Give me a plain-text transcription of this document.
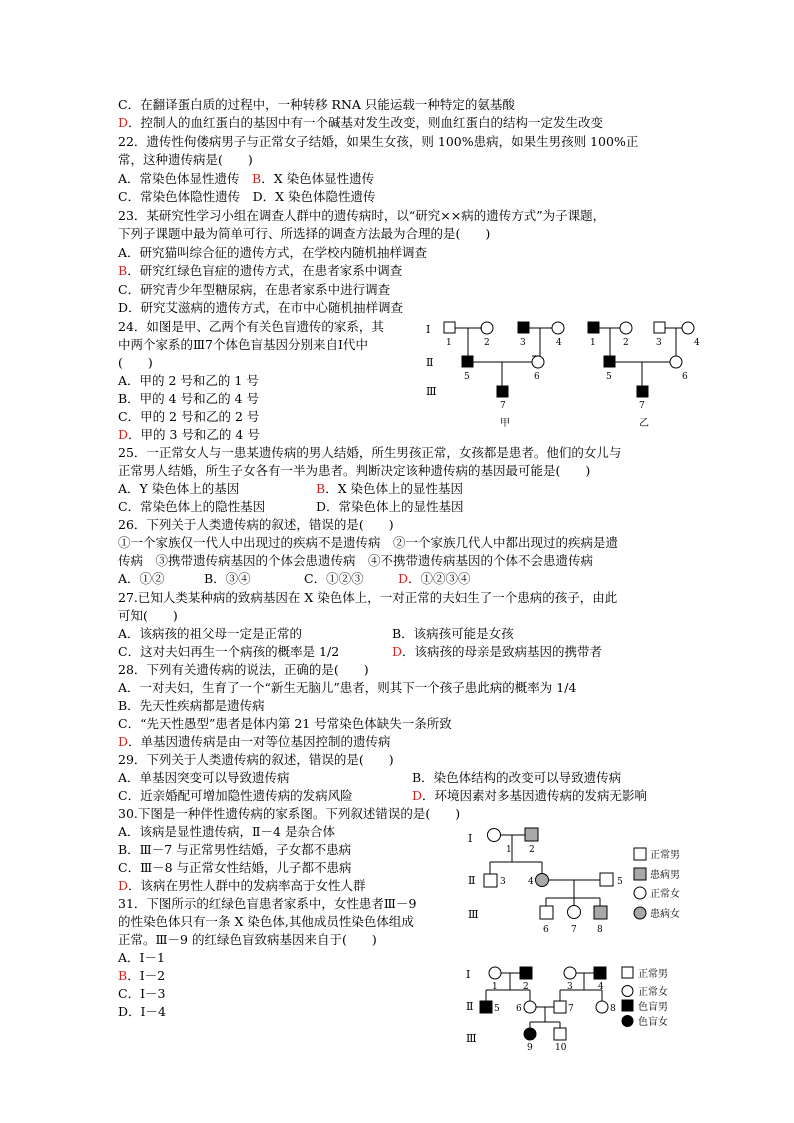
C．在翻译蛋白质的过程中，一种转移 RNA 只能运载一种特定的氨基酸
D．控制人的血红蛋白的基因中有一个碱基对发生改变，则血红蛋白的结构一定发生改变
22．遗传性佝偻病男子与正常女子结婚，如果生女孩，则 100%患病，如果生男孩则 100%正
常，这种遗传病是(　　)
A．常染色体显性遗传　 B．X 染色体显性遗传
C．常染色体隐性遗传　D．X 染色体隐性遗传
23．某研究性学习小组在调查人群中的遗传病时，以“研究××病的遗传方式”为子课题，
下列子课题中最为简单可行、所选择的调查方法最为合理的是(　　)
A．研究猫叫综合征的遗传方式，在学校内随机抽样调查
B．研究红绿色盲症的遗传方式，在患者家系中调查
C．研究青少年型糖尿病，在患者家系中进行调查
D．研究艾滋病的遗传方式，在市中心随机抽样调查
24．如图是甲、乙两个有关色盲遗传的家系，其
中两个家系的Ⅲ7个体色盲基因分别来自Ⅰ代中
(　　)
A．甲的 2 号和乙的 1 号
B．甲的 4 号和乙的 4 号
C．甲的 2 号和乙的 2 号
D．甲的 3 号和乙的 4 号
Ⅰ
Ⅱ
Ⅲ
1	2	3	4
5	6
7
甲
1	2	3	4
5	6
7
乙
25．一正常女人与一患某遗传病的男人结婚，所生男孩正常，女孩都是患者。他们的女儿与
正常男人结婚，所生子女各有一半为患者。判断决定该种遗传病的基因最可能是(　　)
A．Y 染色体上的基因	B．X 染色体上的显性基因
C．常染色体上的隐性基因	D．常染色体上的显性基因
26．下列关于人类遗传病的叙述，错误的是(　　)
①一个家族仅一代人中出现过的疾病不是遗传病　②一个家族几代人中都出现过的疾病是遗
传病　③携带遗传病基因的个体会患遗传病　④不携带遗传病基因的个体不会患遗传病
A．①②	B．③④	C．①②③	D．①②③④
27.已知人类某种病的致病基因在 X 染色体上，一对正常的夫妇生了一个患病的孩子，由此
可知(　　)
A．该病孩的祖父母一定是正常的	B．该病孩可能是女孩
C．这对夫妇再生一个病孩的概率是 1/2	D．该病孩的母亲是致病基因的携带者
28．下列有关遗传病的说法，正确的是(　　)
A．一对夫妇，生育了一个“新生无脑儿”患者，则其下一个孩子患此病的概率为 1/4
B．先天性疾病都是遗传病
C．“先天性愚型”患者是体内第 21 号常染色体缺失一条所致
D．单基因遗传病是由一对等位基因控制的遗传病
29．下列关于人类遗传病的叙述，错误的是(　　)
A．单基因突变可以导致遗传病	B．染色体结构的改变可以导致遗传病
C．近亲婚配可增加隐性遗传病的发病风险	D．环境因素对多基因遗传病的发病无影响
30.下图是一种伴性遗传病的家系图。下列叙述错误的是(　　)
A．该病是显性遗传病，Ⅱ－4 是杂合体
B．Ⅲ－7 与正常男性结婚，子女都不患病
C．Ⅲ－8 与正常女性结婚，儿子都不患病
D．该病在男性人群中的发病率高于女性人群
Ⅰ
Ⅱ
Ⅲ
1 2
3 4	5
6 7 8
正常男
患病男
正常女
患病女
31．下图所示的红绿色盲患者家系中，女性患者Ⅲ－9
的性染色体只有一条 X 染色体,其他成员性染色体组成
正常。Ⅲ－9 的红绿色盲致病基因来自于(　　)
A．Ⅰ－1
B．Ⅰ－2
C．Ⅰ－3
D．Ⅰ－4
Ⅰ
Ⅱ
Ⅲ
1	2	3	4
5 6	7	8
9 10
正常男
正常女
色盲男
色盲女
